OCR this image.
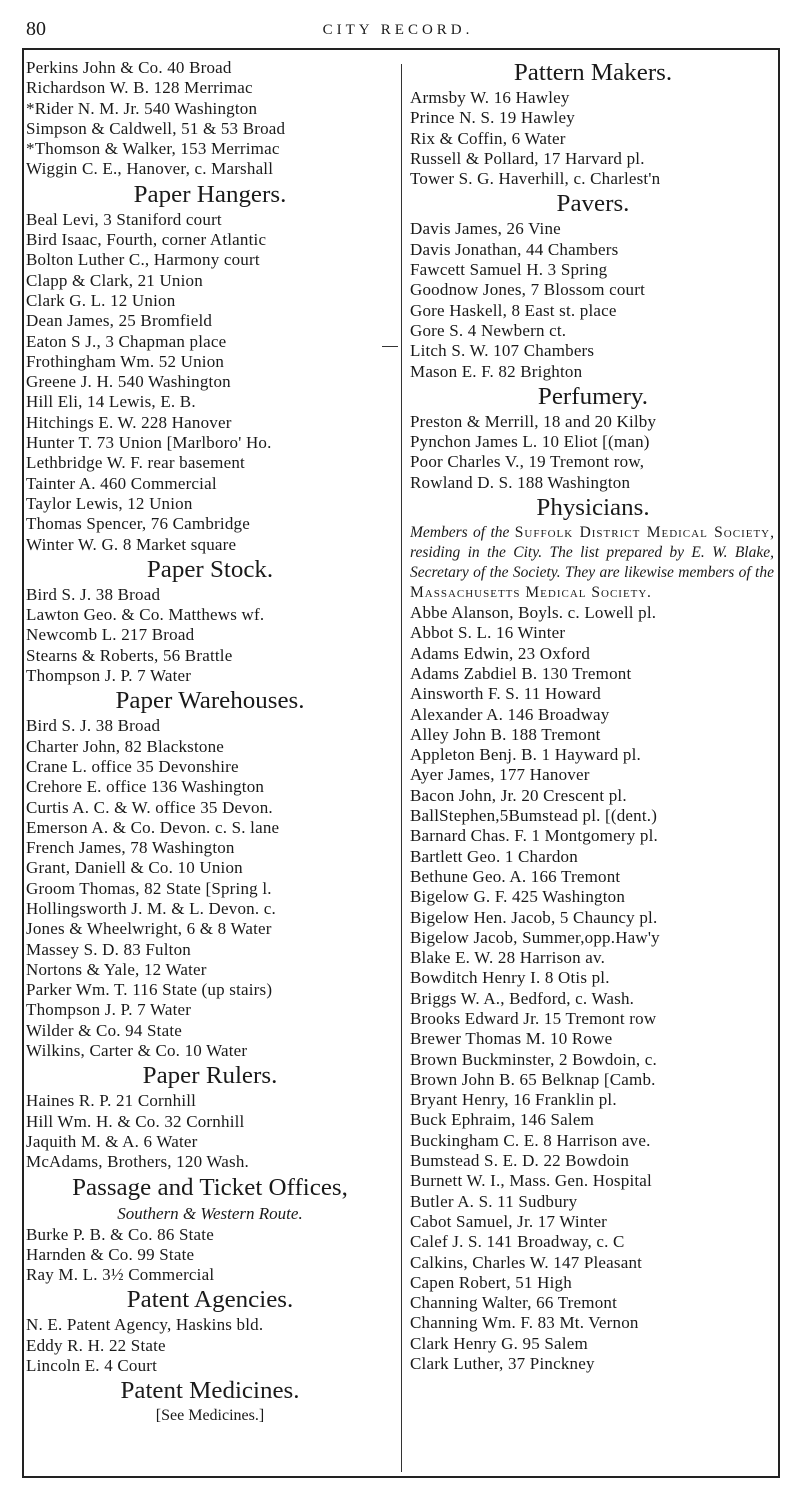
80	CITY RECORD.
Perkins John & Co. 40 Broad
Richardson W. B. 128 Merrimac
*Rider N. M. Jr. 540 Washington
Simpson & Caldwell, 51 & 53 Broad
*Thomson & Walker, 153 Merrimac
Wiggin C. E., Hanover, c. Marshall
Paper Hangers.
Beal Levi, 3 Staniford court
Bird Isaac, Fourth, corner Atlantic
Bolton Luther C., Harmony court
Clapp & Clark, 21 Union
Clark G. L. 12 Union
Dean James, 25 Bromfield
Eaton S J., 3 Chapman place
Frothingham Wm. 52 Union
Greene J. H. 540 Washington
Hill Eli, 14 Lewis, E. B.
Hitchings E. W. 228 Hanover
Hunter T. 73 Union [Marlboro' Ho.
Lethbridge W. F. rear basement
Tainter A. 460 Commercial
Taylor Lewis, 12 Union
Thomas Spencer, 76 Cambridge
Winter W. G. 8 Market square
Paper Stock.
Bird S. J. 38 Broad
Lawton Geo. & Co. Matthews wf.
Newcomb L. 217 Broad
Stearns & Roberts, 56 Brattle
Thompson J. P. 7 Water
Paper Warehouses.
Bird S. J. 38 Broad
Charter John, 82 Blackstone
Crane L. office 35 Devonshire
Crehore E. office 136 Washington
Curtis A. C. & W. office 35 Devon.
Emerson A. & Co. Devon. c. S. lane
French James, 78 Washington
Grant, Daniell & Co. 10 Union
Groom Thomas, 82 State [Spring l.
Hollingsworth J. M. & L. Devon. c.
Jones & Wheelwright, 6 & 8 Water
Massey S. D. 83 Fulton
Nortons & Yale, 12 Water
Parker Wm. T. 116 State (up stairs)
Thompson J. P. 7 Water
Wilder & Co. 94 State
Wilkins, Carter & Co. 10 Water
Paper Rulers.
Haines R. P. 21 Cornhill
Hill Wm. H. & Co. 32 Cornhill
Jaquith M. & A. 6 Water
McAdams, Brothers, 120 Wash.
Passage and Ticket Offices,
Southern & Western Route.
Burke P. B. & Co. 86 State
Harnden & Co. 99 State
Ray M. L. 3½ Commercial
Patent Agencies.
N. E. Patent Agency, Haskins bld.
Eddy R. H. 22 State
Lincoln E. 4 Court
Patent Medicines.
[See Medicines.]
Pattern Makers.
Armsby W. 16 Hawley
Prince N. S. 19 Hawley
Rix & Coffin, 6 Water
Russell & Pollard, 17 Harvard pl.
Tower S. G. Haverhill, c. Charlest'n
Pavers.
Davis James, 26 Vine
Davis Jonathan, 44 Chambers
Fawcett Samuel H. 3 Spring
Goodnow Jones, 7 Blossom court
Gore Haskell, 8 East st. place
Gore S. 4 Newbern ct.
Litch S. W. 107 Chambers
Mason E. F. 82 Brighton
Perfumery.
Preston & Merrill, 18 and 20 Kilby
Pynchon James L. 10 Eliot [(man)
Poor Charles V., 19 Tremont row,
Rowland D. S. 188 Washington
Physicians.
Members of the Suffolk District Medical Society, residing in the City. The list prepared by E. W. Blake, Secretary of the Society. They are likewise members of the Massachusetts Medical Society.
Abbe Alanson, Boyls. c. Lowell pl.
Abbot S. L. 16 Winter
Adams Edwin, 23 Oxford
Adams Zabdiel B. 130 Tremont
Ainsworth F. S. 11 Howard
Alexander A. 146 Broadway
Alley John B. 188 Tremont
Appleton Benj. B. 1 Hayward pl.
Ayer James, 177 Hanover
Bacon John, Jr. 20 Crescent pl.
BallStephen,5Bumstead pl. [(dent.)
Barnard Chas. F. 1 Montgomery pl.
Bartlett Geo. 1 Chardon
Bethune Geo. A. 166 Tremont
Bigelow G. F. 425 Washington
Bigelow Hen. Jacob, 5 Chauncy pl.
Bigelow Jacob, Summer,opp.Haw'y
Blake E. W. 28 Harrison av.
Bowditch Henry I. 8 Otis pl.
Briggs W. A., Bedford, c. Wash.
Brooks Edward Jr. 15 Tremont row
Brewer Thomas M. 10 Rowe
Brown Buckminster, 2 Bowdoin, c.
Brown John B. 65 Belknap [Camb.
Bryant Henry, 16 Franklin pl.
Buck Ephraim, 146 Salem
Buckingham C. E. 8 Harrison ave.
Bumstead S. E. D. 22 Bowdoin
Burnett W. I., Mass. Gen. Hospital
Butler A. S. 11 Sudbury
Cabot Samuel, Jr. 17 Winter
Calef J. S. 141 Broadway, c. C
Calkins, Charles W. 147 Pleasant
Capen Robert, 51 High
Channing Walter, 66 Tremont
Channing Wm. F. 83 Mt. Vernon
Clark Henry G. 95 Salem
Clark Luther, 37 Pinckney
